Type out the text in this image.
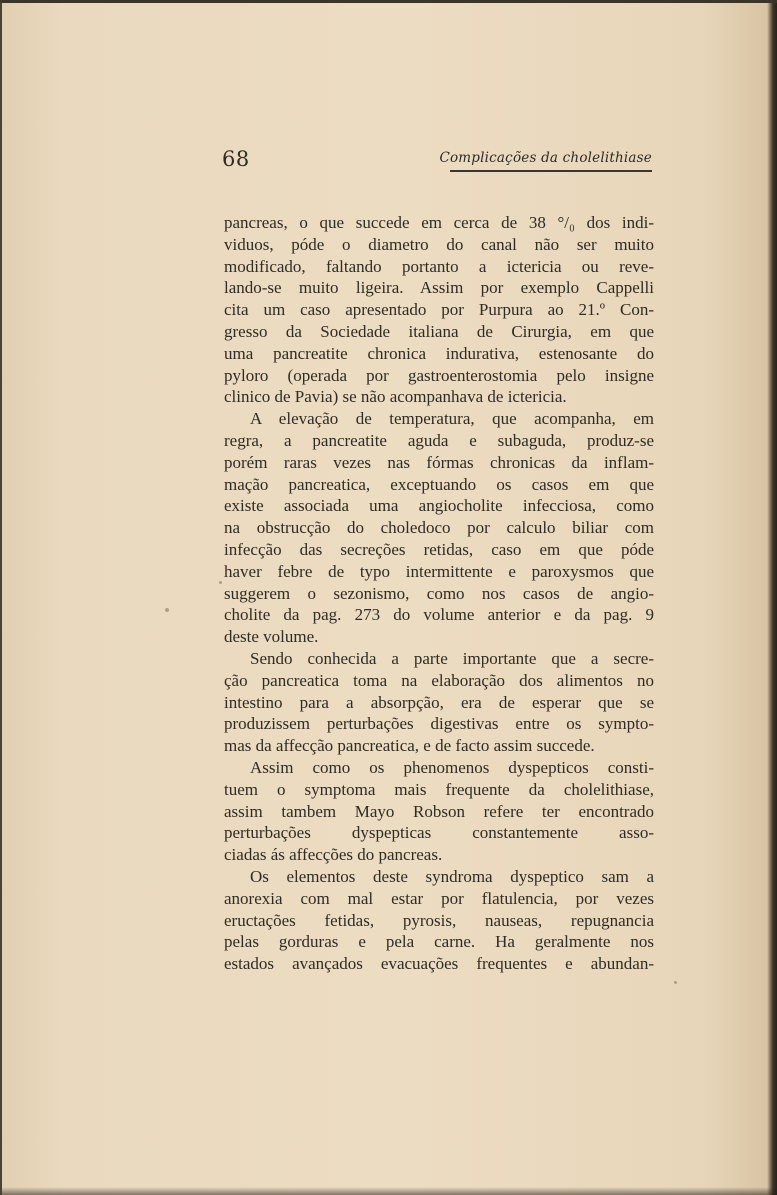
68	Complicações da cholelithiase
pancreas, o que succede em cerca de 38 °/₀ dos indi-
viduos, póde o diametro do canal não ser muito
modificado, faltando portanto a ictericia ou reve-
lando-se muito ligeira. Assim por exemplo Cappelli
cita um caso apresentado por Purpura ao 21.º Con-
gresso da Sociedade italiana de Cirurgia, em que
uma pancreatite chronica indurativa, estenosante do
pyloro (operada por gastroenterostomia pelo insigne
clinico de Pavia) se não acompanhava de ictericia.
A elevação de temperatura, que acompanha, em
regra, a pancreatite aguda e subaguda, produz-se
porém raras vezes nas fórmas chronicas da inflam-
mação pancreatica, exceptuando os casos em que
existe associada uma angiocholite infecciosa, como
na obstrucção do choledoco por calculo biliar com
infecção das secreções retidas, caso em que póde
haver febre de typo intermittente e paroxysmos que
suggerem o sezonismo, como nos casos de angio-
cholite da pag. 273 do volume anterior e da pag. 9
deste volume.
Sendo conhecida a parte importante que a secre-
ção pancreatica toma na elaboração dos alimentos no
intestino para a absorpção, era de esperar que se
produzissem perturbações digestivas entre os sympto-
mas da affecção pancreatica, e de facto assim succede.
Assim como os phenomenos dyspepticos consti-
tuem o symptoma mais frequente da cholelithiase,
assim tambem Mayo Robson refere ter encontrado
perturbações dyspepticas constantemente asso-
ciadas ás affecções do pancreas.
Os elementos deste syndroma dyspeptico sam a
anorexia com mal estar por flatulencia, por vezes
eructações fetidas, pyrosis, nauseas, repugnancia
pelas gorduras e pela carne. Ha geralmente nos
estados avançados evacuações frequentes e abundan-
